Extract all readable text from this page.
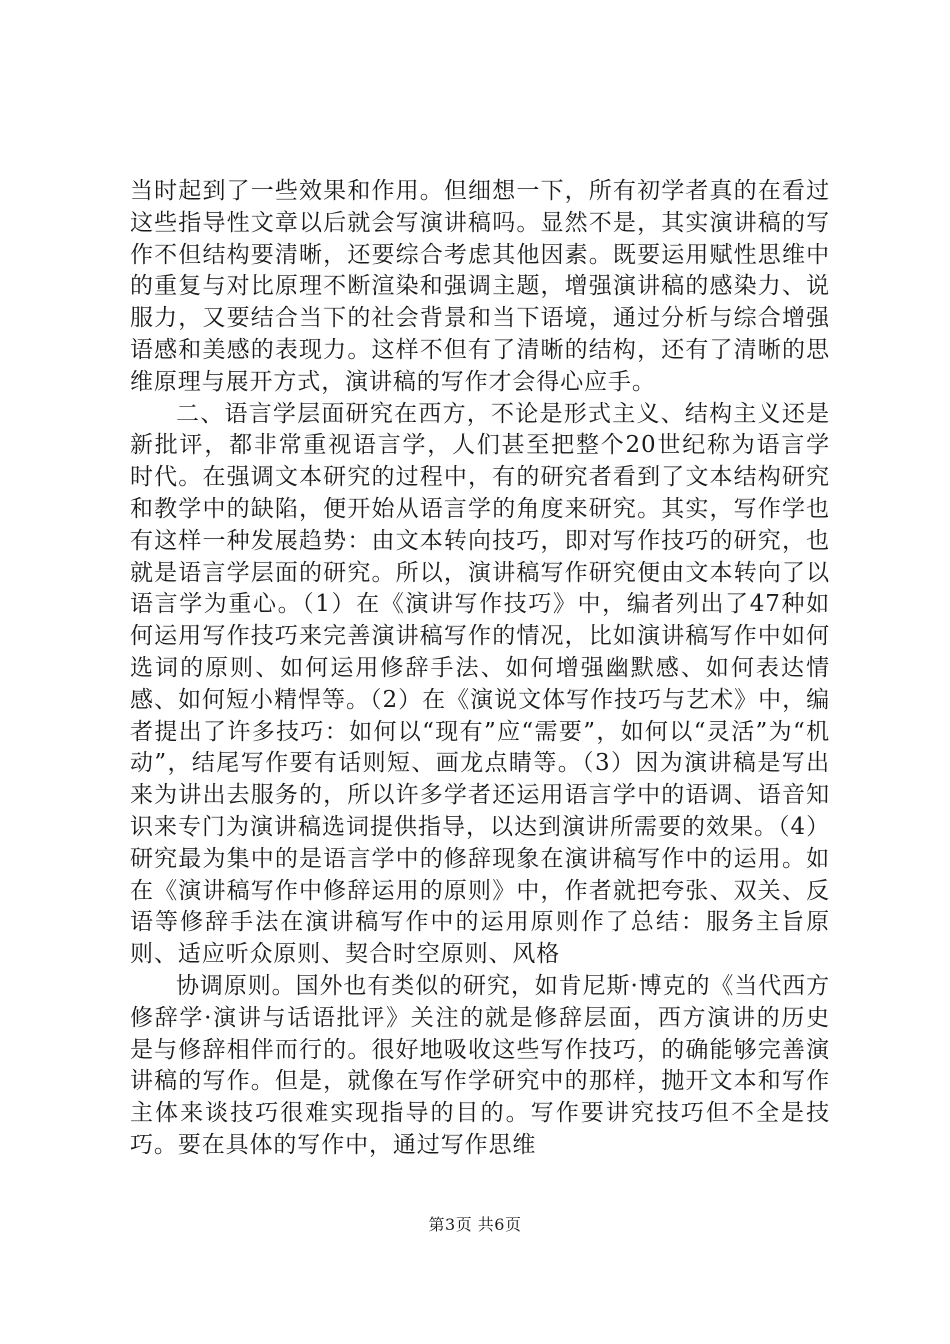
当时起到了一些效果和作用。但细想一下，所有初学者真的在看过这些指导性文章以后就会写演讲稿吗。显然不是，其实演讲稿的写作不但结构要清晰，还要综合考虑其他因素。既要运用赋性思维中的重复与对比原理不断渲染和强调主题，增强演讲稿的感染力、说服力，又要结合当下的社会背景和当下语境，通过分析与综合增强语感和美感的表现力。这样不但有了清晰的结构，还有了清晰的思维原理与展开方式，演讲稿的写作才会得心应手。

二、语言学层面研究在西方，不论是形式主义、结构主义还是新批评，都非常重视语言学，人们甚至把整个20世纪称为语言学时代。在强调文本研究的过程中，有的研究者看到了文本结构研究和教学中的缺陷，便开始从语言学的角度来研究。其实，写作学也有这样一种发展趋势：由文本转向技巧，即对写作技巧的研究，也就是语言学层面的研究。所以，演讲稿写作研究便由文本转向了以语言学为重心。（1）在《演讲写作技巧》中，编者列出了47种如何运用写作技巧来完善演讲稿写作的情况，比如演讲稿写作中如何选词的原则、如何运用修辞手法、如何增强幽默感、如何表达情感、如何短小精悍等。（2）在《演说文体写作技巧与艺术》中，编者提出了许多技巧：如何以“现有”应“需要”，如何以“灵活”为“机动”，结尾写作要有话则短、画龙点睛等。（3）因为演讲稿是写出来为讲出去服务的，所以许多学者还运用语言学中的语调、语音知识来专门为演讲稿选词提供指导，以达到演讲所需要的效果。（4）研究最为集中的是语言学中的修辞现象在演讲稿写作中的运用。如在《演讲稿写作中修辞运用的原则》中，作者就把夸张、双关、反语等修辞手法在演讲稿写作中的运用原则作了总结：服务主旨原则、适应听众原则、契合时空原则、风格

协调原则。国外也有类似的研究，如肯尼斯·博克的《当代西方修辞学·演讲与话语批评》关注的就是修辞层面，西方演讲的历史是与修辞相伴而行的。很好地吸收这些写作技巧，的确能够完善演讲稿的写作。但是，就像在写作学研究中的那样，抛开文本和写作主体来谈技巧很难实现指导的目的。写作要讲究技巧但不全是技巧。要在具体的写作中，通过写作思维

第3页 共6页
